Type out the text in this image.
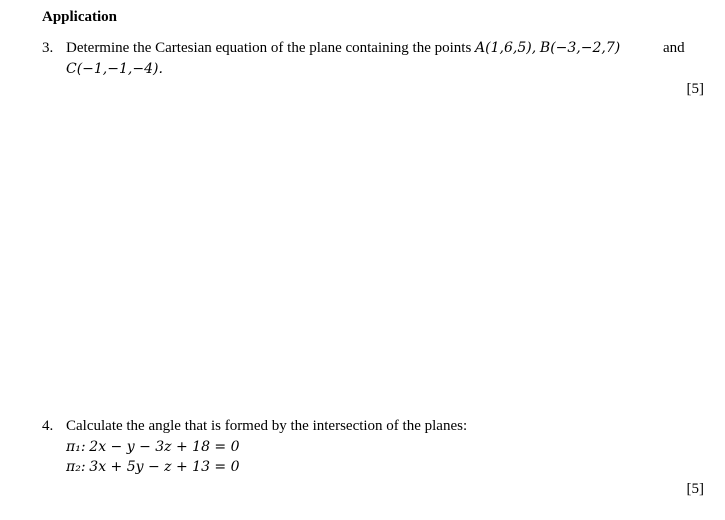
Application
3. Determine the Cartesian equation of the plane containing the points A(1,6,5), B(−3,−2,7)	and
C(−1,−1,−4).
[5]
4. Calculate the angle that is formed by the intersection of the planes:
π₁: 2x − y − 3z + 18 = 0
π₂: 3x + 5y − z + 13 = 0
[5]
